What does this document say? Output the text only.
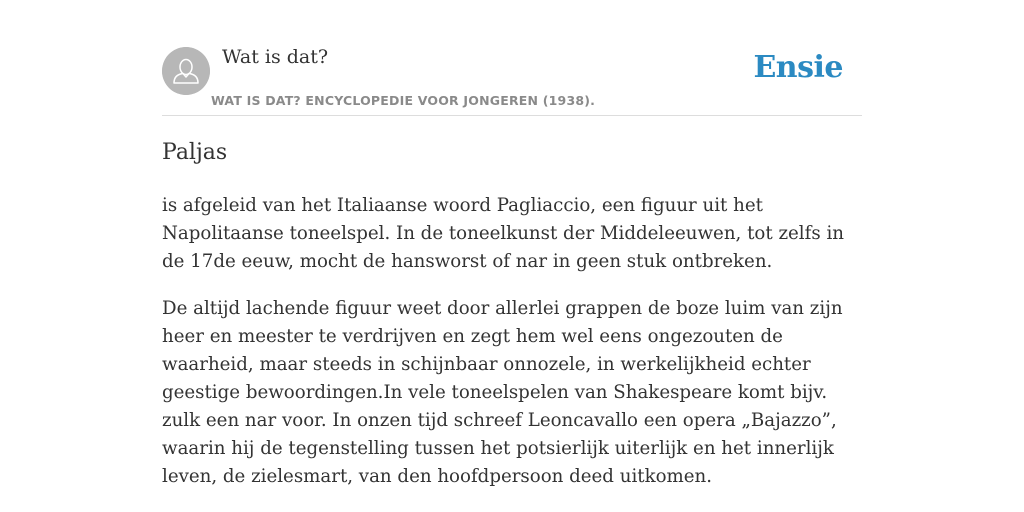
Wat is dat?
WAT IS DAT? ENCYCLOPEDIE VOOR JONGEREN (1938).
Ensie
Paljas

is afgeleid van het Italiaanse woord Pagliaccio, een figuur uit het Napolitaanse toneelspel. In de toneelkunst der Middeleeuwen, tot zelfs in de 17de eeuw, mocht de hansworst of nar in geen stuk ontbreken.

De altijd lachende figuur weet door allerlei grappen de boze luim van zijn heer en meester te verdrijven en zegt hem wel eens ongezouten de waarheid, maar steeds in schijnbaar onnozele, in werkelijkheid echter geestige bewoordingen.In vele toneelspelen van Shakespeare komt bijv. zulk een nar voor. In onzen tijd schreef Leoncavallo een opera „Bajazzo”, waarin hij de tegenstelling tussen het potsierlijk uiterlijk en het innerlijk leven, de zielesmart, van den hoofdpersoon deed uitkomen.
